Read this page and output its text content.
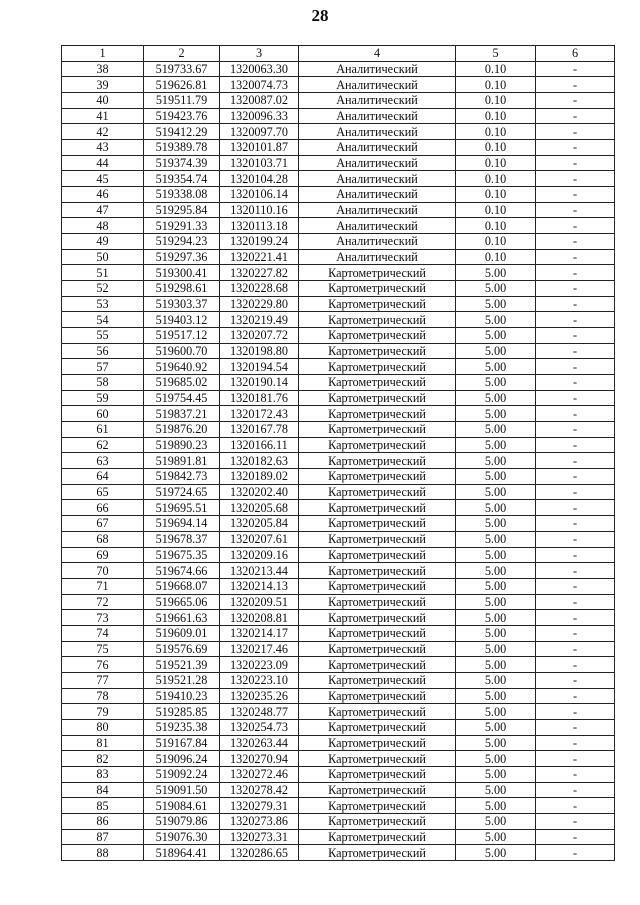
28
1	2	3	4	5	6
38	519733.67	1320063.30	Аналитический	0.10	-
39	519626.81	1320074.73	Аналитический	0.10	-
40	519511.79	1320087.02	Аналитический	0.10	-
41	519423.76	1320096.33	Аналитический	0.10	-
42	519412.29	1320097.70	Аналитический	0.10	-
43	519389.78	1320101.87	Аналитический	0.10	-
44	519374.39	1320103.71	Аналитический	0.10	-
45	519354.74	1320104.28	Аналитический	0.10	-
46	519338.08	1320106.14	Аналитический	0.10	-
47	519295.84	1320110.16	Аналитический	0.10	-
48	519291.33	1320113.18	Аналитический	0.10	-
49	519294.23	1320199.24	Аналитический	0.10	-
50	519297.36	1320221.41	Аналитический	0.10	-
51	519300.41	1320227.82	Картометрический	5.00	-
52	519298.61	1320228.68	Картометрический	5.00	-
53	519303.37	1320229.80	Картометрический	5.00	-
54	519403.12	1320219.49	Картометрический	5.00	-
55	519517.12	1320207.72	Картометрический	5.00	-
56	519600.70	1320198.80	Картометрический	5.00	-
57	519640.92	1320194.54	Картометрический	5.00	-
58	519685.02	1320190.14	Картометрический	5.00	-
59	519754.45	1320181.76	Картометрический	5.00	-
60	519837.21	1320172.43	Картометрический	5.00	-
61	519876.20	1320167.78	Картометрический	5.00	-
62	519890.23	1320166.11	Картометрический	5.00	-
63	519891.81	1320182.63	Картометрический	5.00	-
64	519842.73	1320189.02	Картометрический	5.00	-
65	519724.65	1320202.40	Картометрический	5.00	-
66	519695.51	1320205.68	Картометрический	5.00	-
67	519694.14	1320205.84	Картометрический	5.00	-
68	519678.37	1320207.61	Картометрический	5.00	-
69	519675.35	1320209.16	Картометрический	5.00	-
70	519674.66	1320213.44	Картометрический	5.00	-
71	519668.07	1320214.13	Картометрический	5.00	-
72	519665.06	1320209.51	Картометрический	5.00	-
73	519661.63	1320208.81	Картометрический	5.00	-
74	519609.01	1320214.17	Картометрический	5.00	-
75	519576.69	1320217.46	Картометрический	5.00	-
76	519521.39	1320223.09	Картометрический	5.00	-
77	519521.28	1320223.10	Картометрический	5.00	-
78	519410.23	1320235.26	Картометрический	5.00	-
79	519285.85	1320248.77	Картометрический	5.00	-
80	519235.38	1320254.73	Картометрический	5.00	-
81	519167.84	1320263.44	Картометрический	5.00	-
82	519096.24	1320270.94	Картометрический	5.00	-
83	519092.24	1320272.46	Картометрический	5.00	-
84	519091.50	1320278.42	Картометрический	5.00	-
85	519084.61	1320279.31	Картометрический	5.00	-
86	519079.86	1320273.86	Картометрический	5.00	-
87	519076.30	1320273.31	Картометрический	5.00	-
88	518964.41	1320286.65	Картометрический	5.00	-
